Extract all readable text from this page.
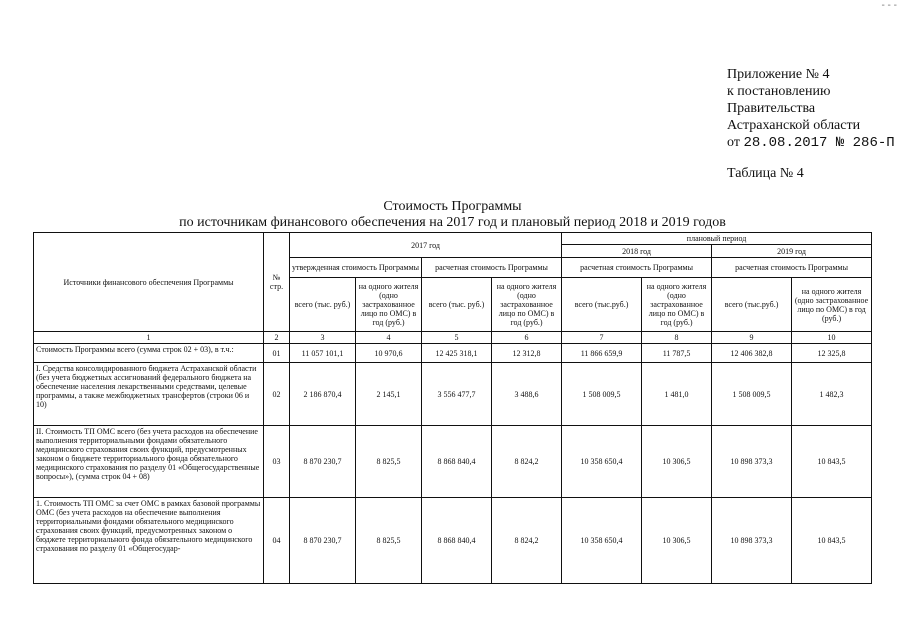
- - -
Приложение № 4
к постановлению
Правительства
Астраханской области
от 28.08.2017 № 286-П
Таблица № 4
Стоимость Программы
по источникам финансового обеспечения на 2017 год и плановый период 2018 и 2019 годов
Источники финансового обеспечения Программы	№ стр.	2017 год				плановый период			
						2018 год		2019 год	
		утвержденная стоимость Программы		расчетная стоимость Программы		расчетная стоимость Программы		расчетная стоимость Программы	
		всего (тыс. руб.)	на одного жителя (одно застрахованное лицо по ОМС) в год (руб.)	всего (тыс. руб.)	на одного жителя (одно застрахованное лицо по ОМС) в год (руб.)	всего (тыс.руб.)	на одного жителя (одно застрахованное лицо по ОМС) в год (руб.)	всего (тыс.руб.)	на одного жителя (одно застрахованное лицо по ОМС) в год (руб.)
1	2	3	4	5	6	7	8	9	10
Стоимость Программы всего (сумма строк 02 + 03), в т.ч.:	01	11 057 101,1	10 970,6	12 425 318,1	12 312,8	11 866 659,9	11 787,5	12 406 382,8	12 325,8
I. Средства консолидированного бюджета Астраханской области (без учета бюджетных ассигнований федерального бюджета на обеспечение населения лекарственными средствами, целевые программы, а также межбюджетных трансфертов (строки 06 и 10)	02	2 186 870,4	2 145,1	3 556 477,7	3 488,6	1 508 009,5	1 481,0	1 508 009,5	1 482,3
II. Стоимость ТП ОМС всего (без учета расходов на обеспечение выполнения территориальными фондами обязательного медицинского страхования своих функций, предусмотренных законом о бюджете территориального фонда обязательного медицинского страхования по разделу 01 «Общегосударственные вопросы»), (сумма строк 04 + 08)	03	8 870 230,7	8 825,5	8 868 840,4	8 824,2	10 358 650,4	10 306,5	10 898 373,3	10 843,5
1. Стоимость ТП ОМС за счет ОМС в рамках базовой программы ОМС (без учета расходов на обеспечение выполнения территориальными фондами обязательного медицинского страхования своих функций, предусмотренных законом о бюджете территориального фонда обязательного медицинского страхования по разделу 01 «Общегосудар-	04	8 870 230,7	8 825,5	8 868 840,4	8 824,2	10 358 650,4	10 306,5	10 898 373,3	10 843,5
